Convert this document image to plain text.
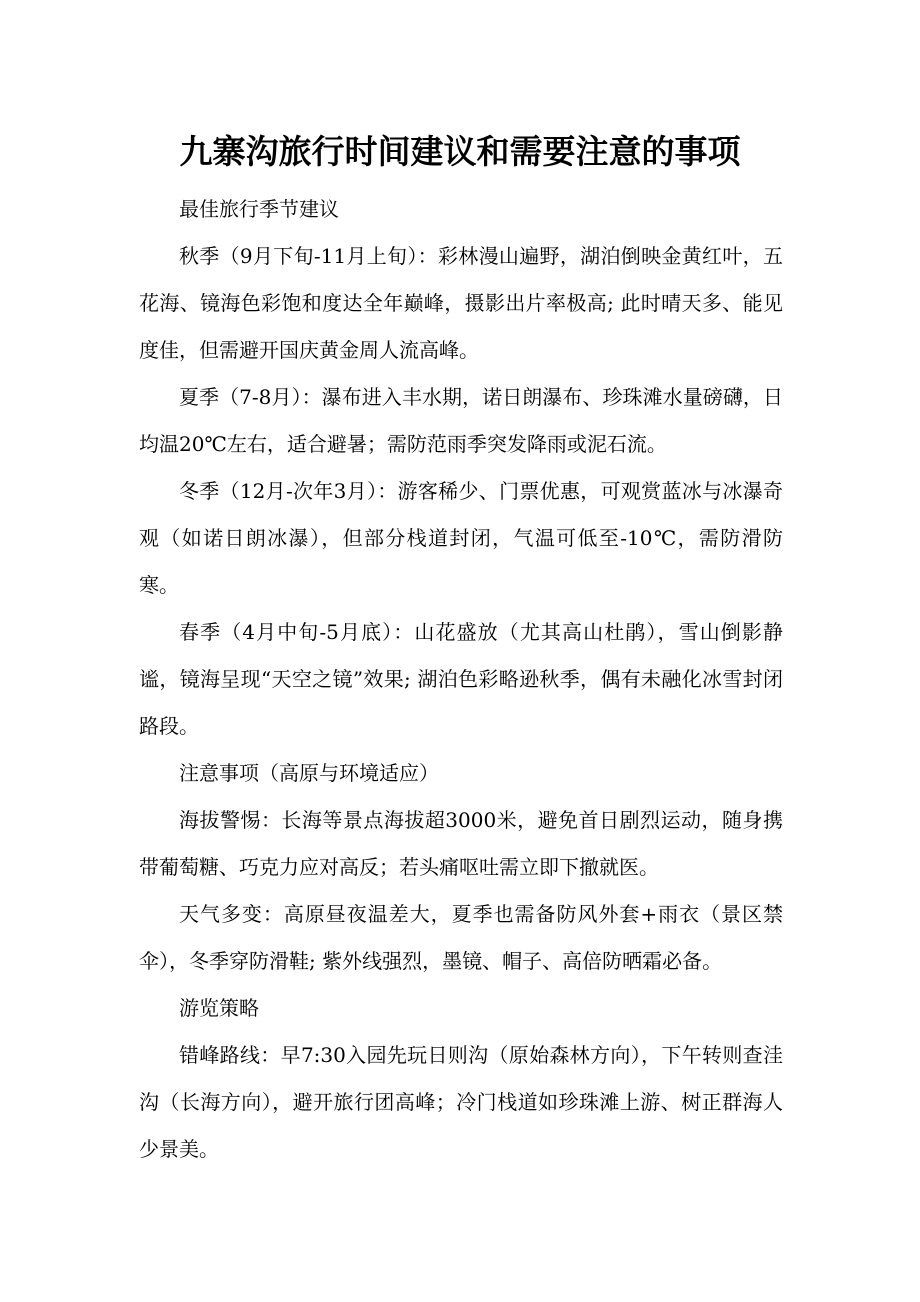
九寨沟旅行时间建议和需要注意的事项

最佳旅行季节建议

秋季（9月下旬-11月上旬）：彩林漫山遍野，湖泊倒映金黄红叶，五花海、镜海色彩饱和度达全年巅峰，摄影出片率极高; 此时晴天多、能见度佳，但需避开国庆黄金周人流高峰。

夏季（7-8月）：瀑布进入丰水期，诺日朗瀑布、珍珠滩水量磅礴，日均温20℃左右，适合避暑；需防范雨季突发降雨或泥石流。

冬季（12月-次年3月）：游客稀少、门票优惠，可观赏蓝冰与冰瀑奇观（如诺日朗冰瀑），但部分栈道封闭，气温可低至-10℃，需防滑防寒。

春季（4月中旬-5月底）：山花盛放（尤其高山杜鹃），雪山倒影静谧，镜海呈现“天空之镜”效果; 湖泊色彩略逊秋季，偶有未融化冰雪封闭路段。

注意事项（高原与环境适应）

海拔警惕：长海等景点海拔超3000米，避免首日剧烈运动，随身携带葡萄糖、巧克力应对高反；若头痛呕吐需立即下撤就医。

天气多变：高原昼夜温差大，夏季也需备防风外套+雨衣（景区禁伞），冬季穿防滑鞋; 紫外线强烈，墨镜、帽子、高倍防晒霜必备。

游览策略

错峰路线：早7:30入园先玩日则沟（原始森林方向），下午转则查洼沟（长海方向），避开旅行团高峰；冷门栈道如珍珠滩上游、树正群海人少景美。
